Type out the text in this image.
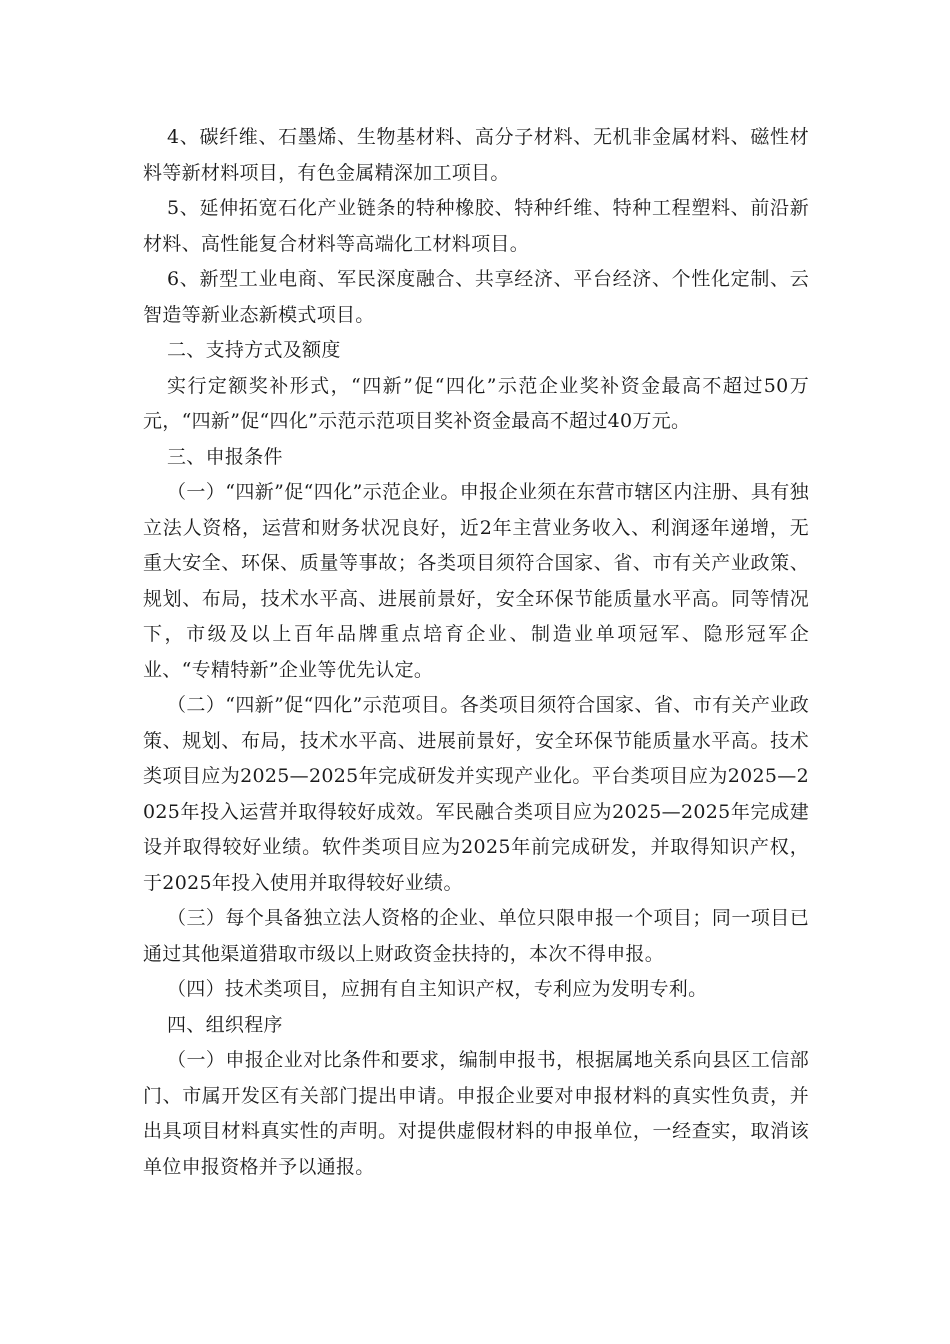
4、碳纤维、石墨烯、生物基材料、高分子材料、无机非金属材料、磁性材料等新材料项目，有色金属精深加工项目。

5、延伸拓宽石化产业链条的特种橡胶、特种纤维、特种工程塑料、前沿新材料、高性能复合材料等高端化工材料项目。

6、新型工业电商、军民深度融合、共享经济、平台经济、个性化定制、云智造等新业态新模式项目。

二、支持方式及额度

实行定额奖补形式，“四新”促“四化”示范企业奖补资金最高不超过50万元，“四新”促“四化”示范示范项目奖补资金最高不超过40万元。

三、申报条件

（一）“四新”促“四化”示范企业。申报企业须在东营市辖区内注册、具有独立法人资格，运营和财务状况良好，近2年主营业务收入、利润逐年递增，无重大安全、环保、质量等事故；各类项目须符合国家、省、市有关产业政策、规划、布局，技术水平高、进展前景好，安全环保节能质量水平高。同等情况下，市级及以上百年品牌重点培育企业、制造业单项冠军、隐形冠军企业、“专精特新”企业等优先认定。

（二）“四新”促“四化”示范项目。各类项目须符合国家、省、市有关产业政策、规划、布局，技术水平高、进展前景好，安全环保节能质量水平高。技术类项目应为2025—2025年完成研发并实现产业化。平台类项目应为2025—2025年投入运营并取得较好成效。军民融合类项目应为2025—2025年完成建设并取得较好业绩。软件类项目应为2025年前完成研发，并取得知识产权，于2025年投入使用并取得较好业绩。

（三）每个具备独立法人资格的企业、单位只限申报一个项目；同一项目已通过其他渠道猎取市级以上财政资金扶持的，本次不得申报。

（四）技术类项目，应拥有自主知识产权，专利应为发明专利。

四、组织程序

（一）申报企业对比条件和要求，编制申报书，根据属地关系向县区工信部门、市属开发区有关部门提出申请。申报企业要对申报材料的真实性负责，并出具项目材料真实性的声明。对提供虚假材料的申报单位，一经查实，取消该单位申报资格并予以通报。
